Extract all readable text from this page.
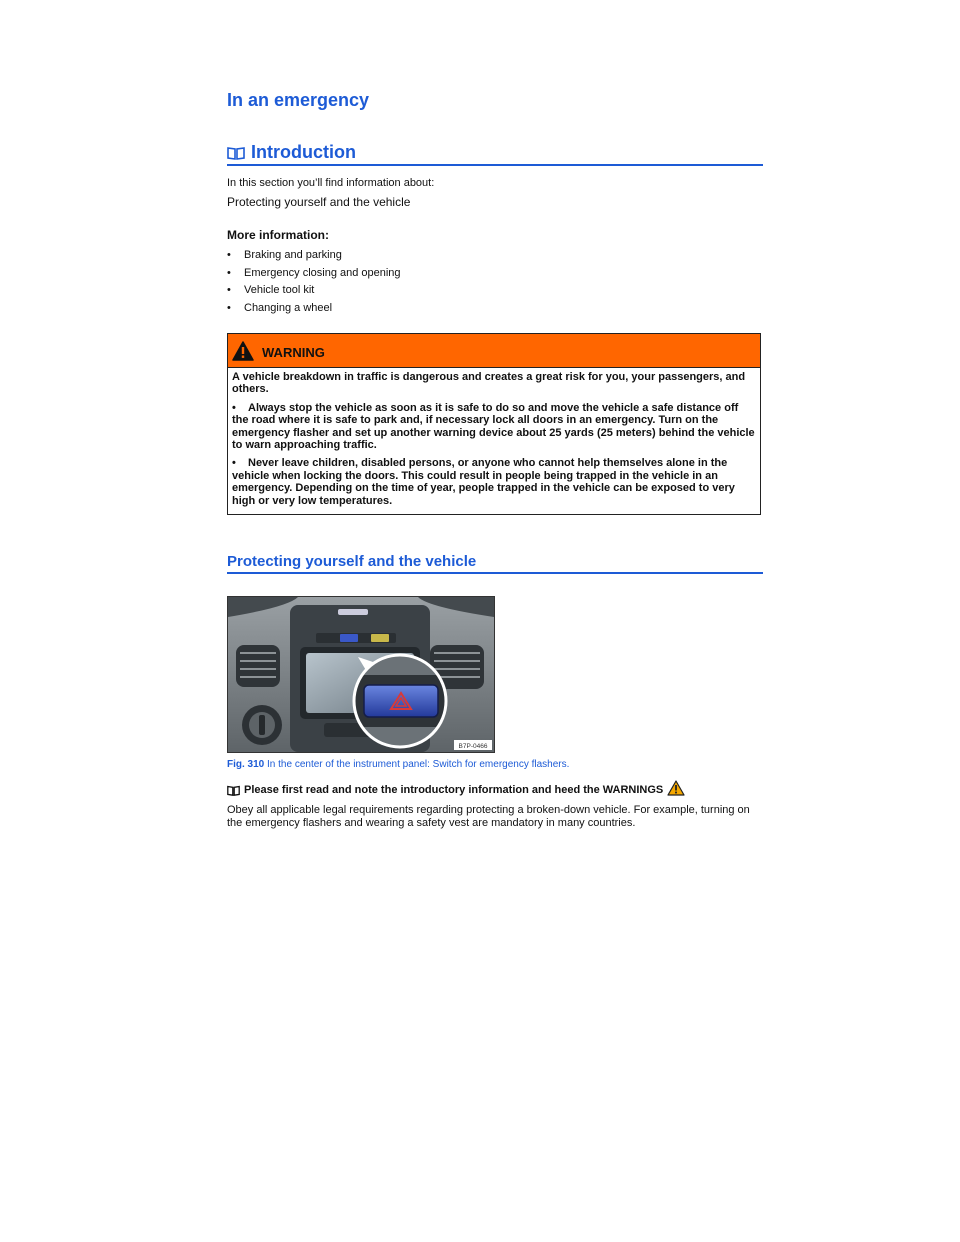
In an emergency
Introduction
In this section you’ll find information about:
Protecting yourself and the vehicle
More information:
•	Braking and parking
•	Emergency closing and opening
•	Vehicle tool kit
•	Changing a wheel
WARNING

A vehicle breakdown in traffic is dangerous and creates a great risk for you, your passengers, and others.

• Always stop the vehicle as soon as it is safe to do so and move the vehicle a safe distance off the road where it is safe to park and, if necessary lock all doors in an emergency. Turn on the emergency flasher and set up another warning device about 25 yards (25 meters) behind the vehicle to warn approaching traffic.

• Never leave children, disabled persons, or anyone who cannot help themselves alone in the vehicle when locking the doors. This could result in people being trapped in the vehicle in an emergency. Depending on the time of year, people trapped in the vehicle can be exposed to very high or very low temperatures.

Protecting yourself and the vehicle
B7P-0466
Fig. 310 In the center of the instrument panel: Switch for emergency flashers.
Please first read and note the introductory information and heed the WARNINGS
Obey all applicable legal requirements regarding protecting a broken-down vehicle. For example, turning on the emergency flashers and wearing a safety vest are mandatory in many countries.
